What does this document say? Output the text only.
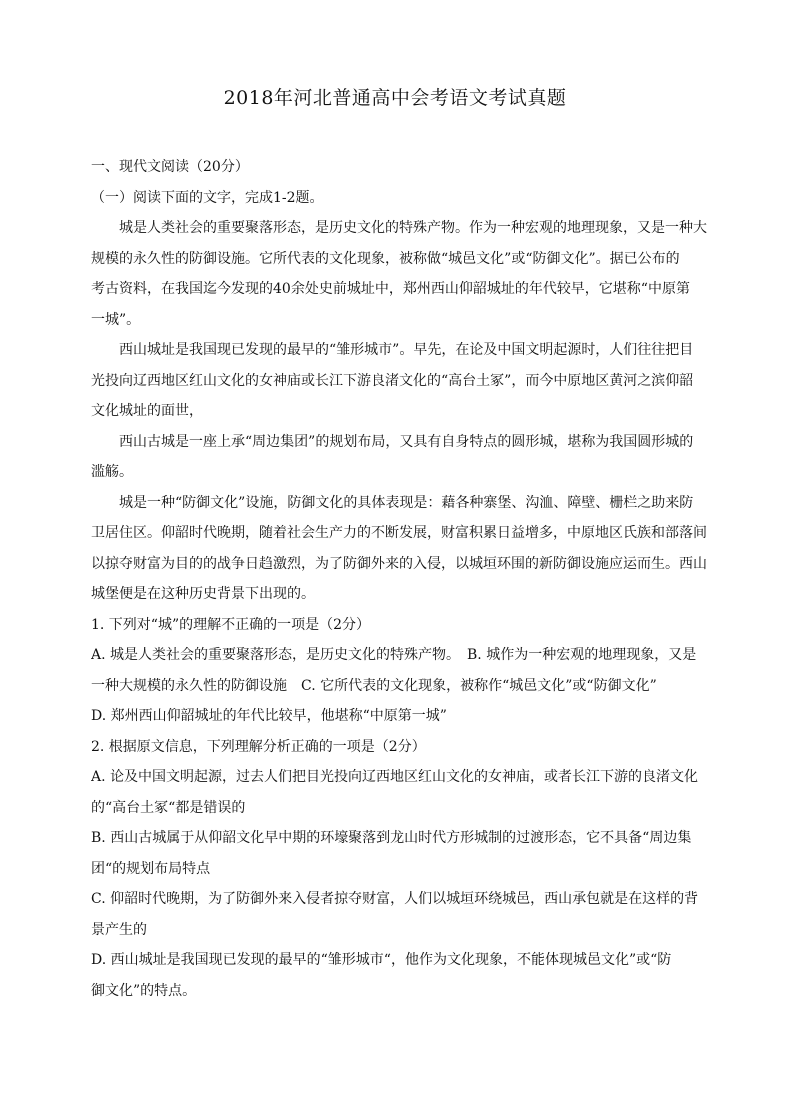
2018年河北普通高中会考语文考试真题
一、现代文阅读（20分）
（一）阅读下面的文字，完成1-2题。
城是人类社会的重要聚落形态，是历史文化的特殊产物。作为一种宏观的地理现象，又是一种大
规模的永久性的防御设施。它所代表的文化现象，被称做“城邑文化”或“防御文化”。据已公布的
考古资料，在我国迄今发现的40余处史前城址中，郑州西山仰韶城址的年代较早，它堪称“中原第
一城”。
西山城址是我国现已发现的最早的“雏形城市”。早先，在论及中国文明起源时，人们往往把目
光投向辽西地区红山文化的女神庙或长江下游良渚文化的“高台土冢”，而今中原地区黄河之滨仰韶
文化城址的面世，
西山古城是一座上承“周边集团”的规划布局，又具有自身特点的圆形城，堪称为我国圆形城的
滥觞。
城是一种“防御文化”设施，防御文化的具体表现是：藉各种寨堡、沟洫、障壁、栅栏之助来防
卫居住区。仰韶时代晚期，随着社会生产力的不断发展，财富积累日益增多，中原地区氏族和部落间
以掠夺财富为目的的战争日趋激烈，为了防御外来的入侵，以城垣环围的新防御设施应运而生。西山
城堡便是在这种历史背景下出现的。
1. 下列对“城”的理解不正确的一项是（2分）
A. 城是人类社会的重要聚落形态，是历史文化的特殊产物。　B. 城作为一种宏观的地理现象，又是
一种大规模的永久性的防御设施　C. 它所代表的文化现象，被称作“城邑文化”或“防御文化”
D. 郑州西山仰韶城址的年代比较早，他堪称“中原第一城”
2. 根据原文信息，下列理解分析正确的一项是（2分）
A. 论及中国文明起源，过去人们把目光投向辽西地区红山文化的女神庙，或者长江下游的良渚文化
的“高台土冢“都是错误的
B. 西山古城属于从仰韶文化早中期的环壕聚落到龙山时代方形城制的过渡形态，它不具备“周边集
团“的规划布局特点
C. 仰韶时代晚期，为了防御外来入侵者掠夺财富，人们以城垣环绕城邑，西山承包就是在这样的背
景产生的
D. 西山城址是我国现已发现的最早的“雏形城市“，他作为文化现象，不能体现城邑文化”或“防
御文化”的特点。
